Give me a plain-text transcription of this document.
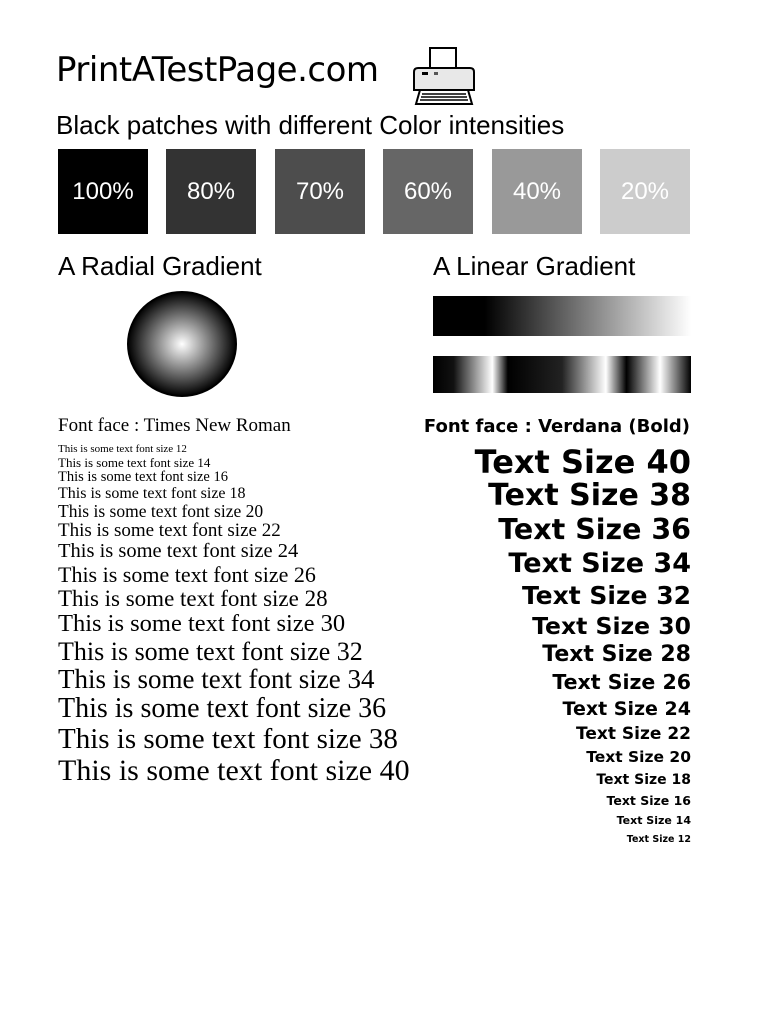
PrintATestPage.com
Black patches with different Color intensities
100% 80%	70% 60%	40% 20%
A Radial Gradient	A Linear Gradient
Font face : Times New Roman

This is some text font size 12

This is some text font size 14

This is some text font size 16

This is some text font size 18

This is some text font size 20

This is some text font size 22

This is some text font size 24

This is some text font size 26

This is some text font size 28

This is some text font size 30

This is some text font size 32

This is some text font size 34

This is some text font size 36

This is some text font size 38

This is some text font size 40

Font face : Verdana (Bold)

Text Size 40

Text Size 38

Text Size 36

Text Size 34

Text Size 32

Text Size 30

Text Size 28

Text Size 26

Text Size 24

Text Size 22

Text Size 20

Text Size 18

Text Size 16

Text Size 14

Text Size 12
